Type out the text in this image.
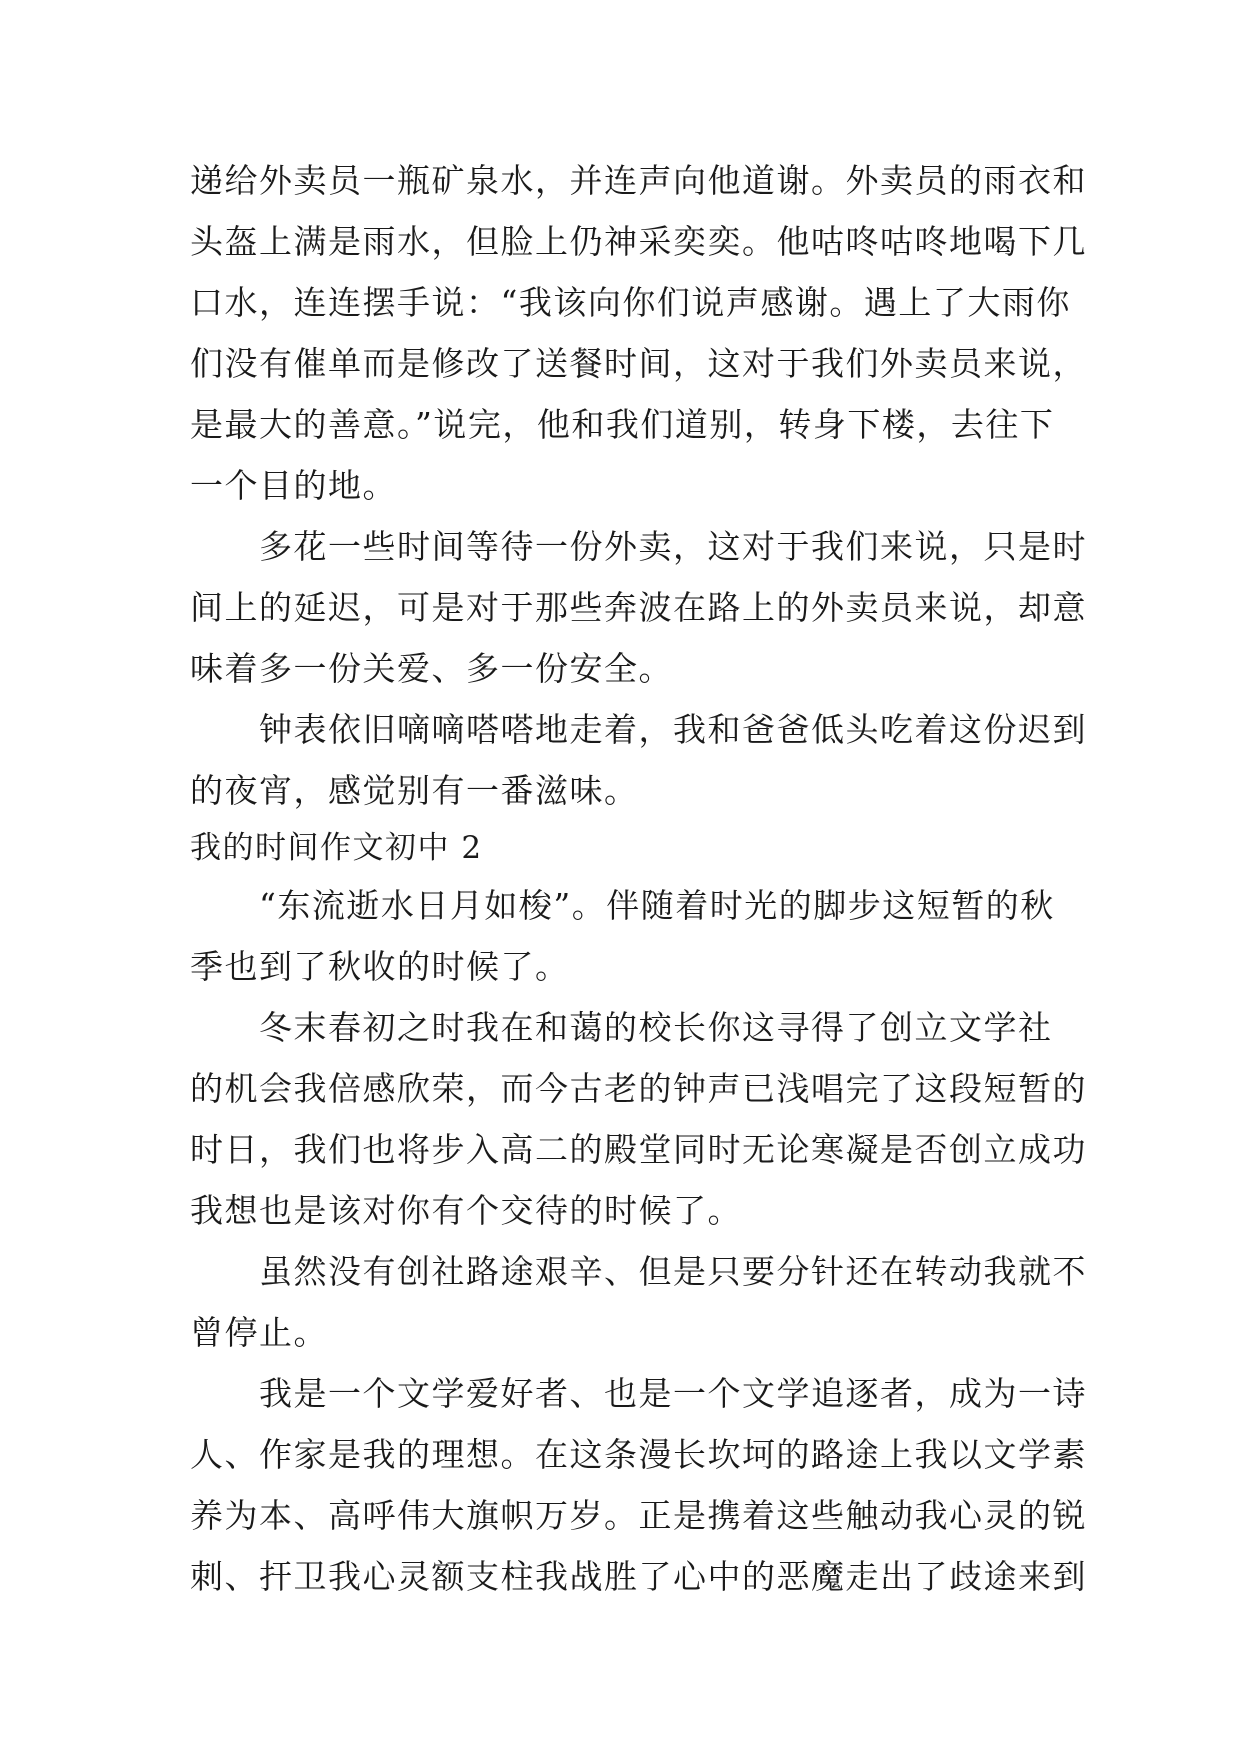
递给外卖员一瓶矿泉水，并连声向他道谢。外卖员的雨衣和
头盔上满是雨水，但脸上仍神采奕奕。他咕咚咕咚地喝下几
口水，连连摆手说：“我该向你们说声感谢。遇上了大雨你
们没有催单而是修改了送餐时间，这对于我们外卖员来说，
是最大的善意。”说完，他和我们道别，转身下楼，去往下
一个目的地。
　　多花一些时间等待一份外卖，这对于我们来说，只是时
间上的延迟，可是对于那些奔波在路上的外卖员来说，却意
味着多一份关爱、多一份安全。
　　钟表依旧嘀嘀嗒嗒地走着，我和爸爸低头吃着这份迟到
的夜宵，感觉别有一番滋味。
我的时间作文初中 2
　　“东流逝水日月如梭”。伴随着时光的脚步这短暂的秋
季也到了秋收的时候了。
　　冬末春初之时我在和蔼的校长你这寻得了创立文学社
的机会我倍感欣荣，而今古老的钟声已浅唱完了这段短暂的
时日，我们也将步入高二的殿堂同时无论寒凝是否创立成功
我想也是该对你有个交待的时候了。
　　虽然没有创社路途艰辛、但是只要分针还在转动我就不
曾停止。
　　我是一个文学爱好者、也是一个文学追逐者，成为一诗
人、作家是我的理想。在这条漫长坎坷的路途上我以文学素
养为本、高呼伟大旗帜万岁。正是携着这些触动我心灵的锐
刺、扞卫我心灵额支柱我战胜了心中的恶魔走出了歧途来到
